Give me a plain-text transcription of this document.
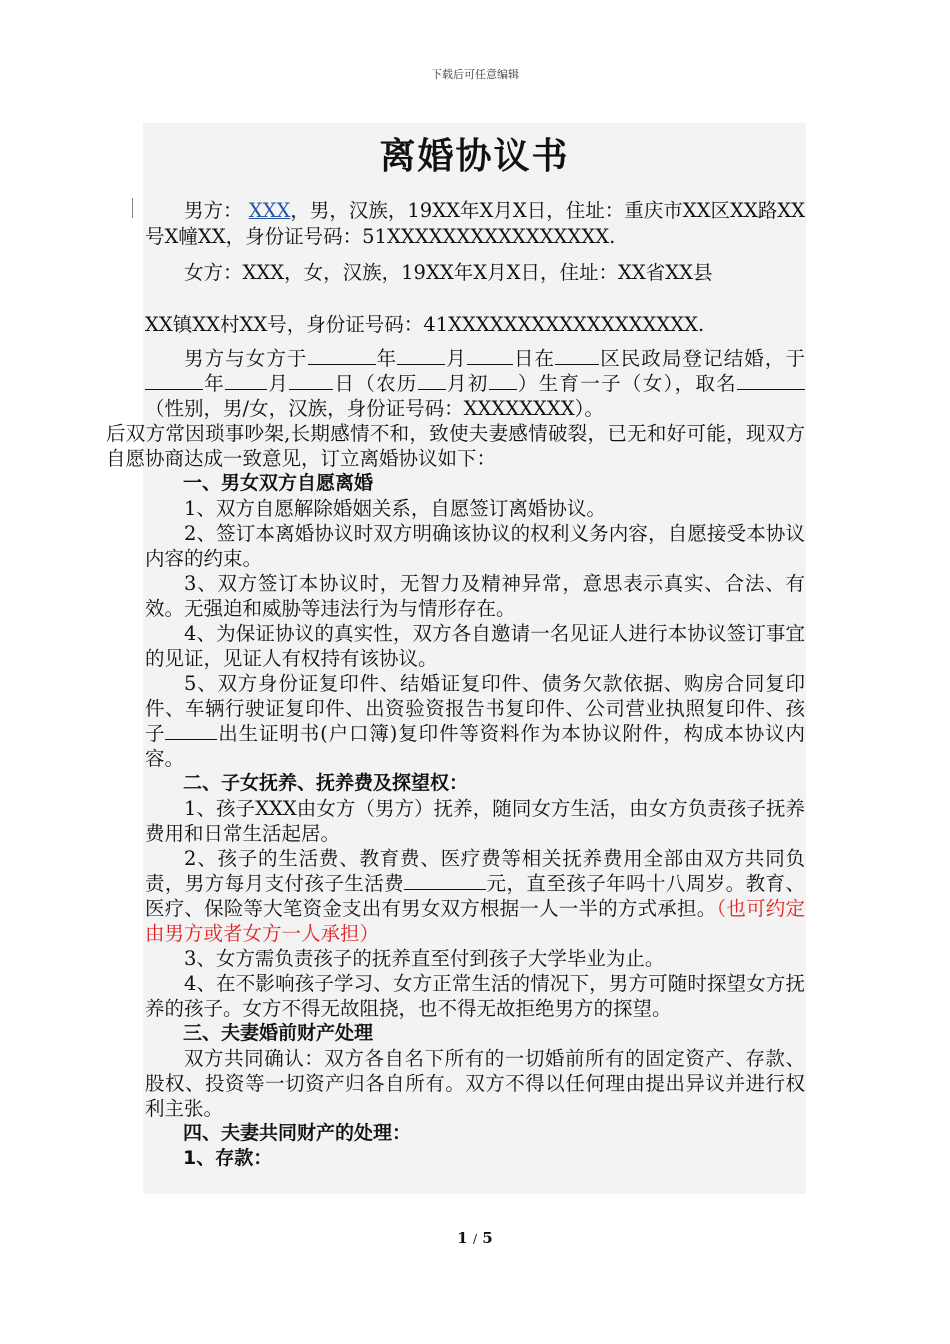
下载后可任意编辑
离婚协议书

男方： XXX，男，汉族，19XX年X月X日，住址：重庆市XX区XX路XX号X幢XX，身份证号码：51XXXXXXXXXXXXXXXX.

女方：XXX，女，汉族，19XX年X月X日，住址：XX省XX县

XX镇XX村XX号，身份证号码：41XXXXXXXXXXXXXXXXXX.

男方与女方于	年 月 日在 区民政局登记结婚，于年 月 日（农历 月初 ）生育一子（女），取名（性别，男/女，汉族，身份证号码：XXXXXXXX）。
后双方常因琐事吵架,长期感情不和，致使夫妻感情破裂，已无和好可能，现双方自愿协商达成一致意见，订立离婚协议如下：

一、男女双方自愿离婚

1、双方自愿解除婚姻关系，自愿签订离婚协议。

2、签订本离婚协议时双方明确该协议的权利义务内容，自愿接受本协议内容的约束。

3、双方签订本协议时，无智力及精神异常，意思表示真实、合法、有效。无强迫和威胁等违法行为与情形存在。

4、为保证协议的真实性，双方各自邀请一名见证人进行本协议签订事宜的见证，见证人有权持有该协议。

5、双方身份证复印件、结婚证复印件、债务欠款依据、购房合同复印件、车辆行驶证复印件、出资验资报告书复印件、公司营业执照复印件、孩子	出生证明书(户口簿)复印件等资料作为本协议附件，构成本协议内容。

二、子女抚养、抚养费及探望权：

1、孩子XXX由女方（男方）抚养，随同女方生活，由女方负责孩子抚养费用和日常生活起居。

2、孩子的生活费、教育费、医疗费等相关抚养费用全部由双方共同负责，男方每月支付孩子生活费	元，直至孩子年吗十八周岁。教育、医疗、保险等大笔资金支出有男女双方根据一人一半的方式承担。（也可约定由男方或者女方一人承担）

3、女方需负责孩子的抚养直至付到孩子大学毕业为止。

4、在不影响孩子学习、女方正常生活的情况下，男方可随时探望女方抚养的孩子。女方不得无故阻挠，也不得无故拒绝男方的探望。

三、夫妻婚前财产处理

双方共同确认：双方各自名下所有的一切婚前所有的固定资产、存款、股权、投资等一切资产归各自所有。双方不得以任何理由提出异议并进行权利主张。

四、夫妻共同财产的处理：

1、存款：

1 / 5
